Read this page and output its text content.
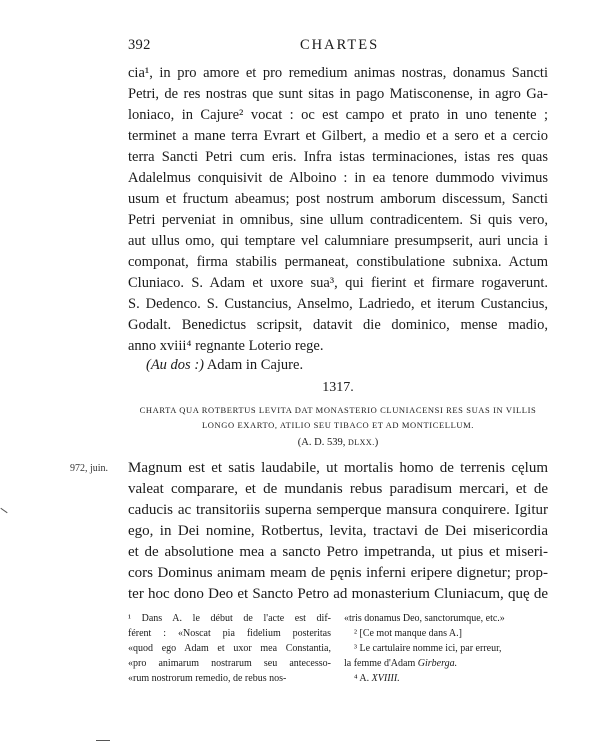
392	CHARTES
cia¹, in pro amore et pro remedium animas nostras, donamus Sancti
Petri, de res nostras que sunt sitas in pago Matisconense, in agro Ga-
loniaco, in Cajure² vocat : oc est campo et prato in uno tenente ;
terminet a mane terra Evrart et Gilbert, a medio et a sero et a cercio
terra Sancti Petri cum eris. Infra istas terminaciones, istas res quas
Adalelmus conquisivit de Alboino : in ea tenore dummodo vivimus
usum et fructum abeamus; post nostrum amborum discessum, Sancti
Petri perveniat in omnibus, sine ullum contradicentem. Si quis vero,
aut ullus omo, qui temptare vel calumniare presumpserit, auri uncia i
componat, firma stabilis permaneat, constibulatione subnixa. Actum
Cluniaco. S. Adam et uxore sua³, qui fierint et firmare rogaverunt.
S. Dedenco. S. Custancius, Anselmo, Ladriedo, et iterum Custancius,
Godalt. Benedictus scripsit, datavit die dominico, mense madio,
anno xviii⁴ regnante Loterio rege.
1317.
CHARTA QUA ROTBERTUS LEVITA DAT MONASTERIO CLUNIACENSI RES SUAS IN VILLIS
LONGO EXARTO, ATILIO SEU TIBACO ET AD MONTICELLUM.
(A. D. 539, DLXX.)
972, juin. Magnum est et satis laudabile, ut mortalis homo de terrenis cęlum
valeat comparare, et de mundanis rebus paradisum mercari, et de
caducis ac transitoriis superna semperque mansura conquirere. Igitur
ego, in Dei nomine, Rotbertus, levita, tractavi de Dei misericordia
et de absolutione mea a sancto Petro impetranda, ut pius et miseri-
cors Dominus animam meam de pęnis inferni eripere dignetur; prop-
ter hoc dono Deo et Sancto Petro ad monasterium Cluniacum, quę de
¹ Dans A. le début de l'acte est dif-
férent : «Noscat pia fidelium posteritas
«quod ego Adam et uxor mea Constantia,
«pro animarum nostrarum seu antecesso-
«rum nostrorum remedio, de rebus nos-
«tris donamus Deo, sanctorumque, etc.»
² [Ce mot manque dans A.]
³ Le cartulaire nomme ici, par erreur,
la femme d'Adam Girberga.
⁴ A. XVIIII.
(Au dos :) Adam in Cajure.
